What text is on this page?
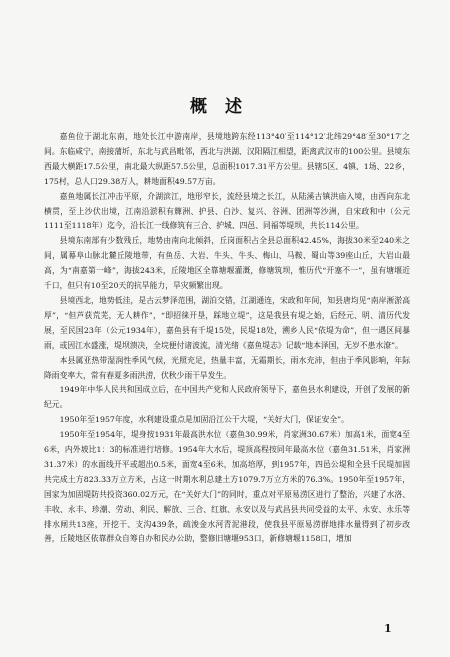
概述

嘉鱼位于湖北东南，地处长江中游南岸，县境地跨东经113°40′至114°12′北纬29°48′至30°17′之间。东临咸宁，南接蒲圻，东北与武昌毗邻，西北与洪湖、汉阳隔江相望，距离武汉市的100公里。县境东西最大横距17.5公里，南北最大纵距57.5公里，总面积1017.31平方公里。县辖5区、4镇、1场、22乡，175村，总人口29.38万人，耕地面积49.57万亩。

嘉鱼地属长江冲击平原，介湖滨江，地形窄长，流经县境之长江，从陆溪古镇洪庙入境，由西向东北横贯，至上沙伏出境，江南沿淤积有簰洲、护县、白沙、复兴、谷洲、团洲等沙洲，自宋政和中（公元1111至1118年）迄今，沿长江一线修筑有三合、护城、四邑、同福等堤坝，共长114公里。

县境东南部有少数残丘，地势由南向北倾斜，丘岗面积占全县总面积42.45%，海拔30米至240米之间，属幕阜山脉北麓丘陵地带，有鱼岳、大岩、牛头、牛头、梅山、马鞍、蜀山等39座山丘，大岩山最高，为“南嘉第一峰”，海拔243米，丘陵地区全靠塘堰灌溉，修塘筑坝，惟历代“开塞不一”，虽有塘堰近千口，但只有10至20天的抗旱能力，旱灾频繁出现。

县境西北，地势低洼，是古云梦泽范围，湖泊交错，江湖通连，宋政和年间，知县唐均见“南岸淅淤高厚”，“但芦获荒芜，无人耕作”，“即招徕开垦，踩地立堤”，这是我县有堤之始，后经元、明、清历代发展，至民国23年（公元1934年），嘉鱼县有千堤15处，民堤18处，溯乡人民“依堤为命”，但一遇区间暴雨，或因江水盛涨，堤坝溃决，全垸便付诸波流，清光绪《嘉鱼堤志》记载“地本泽国，无岁不患水潦”。

本县属亚热带湿润性季风气候，光照充足，热量丰富，无霜期长，雨水充沛，但由于季风影响，年际降雨变率大，常有春夏多雨洪涝，伏秋少雨干旱发生。

1949年中华人民共和国成立后，在中国共产党和人民政府领导下，嘉鱼县水利建设，开创了发展的新纪元。

1950年至1957年度，水利建设重点是加固沿江公干大堤，“关好大门，保证安全”。

1950年至1954年，堤身按1931年最高洪水位（嘉鱼30.99米，肖家洲30.67米）加高1米，面宽4至6米，内外坡比1：3的标准进行培修。1954年大水后，堤顶高程按同年最高水位（嘉鱼31.51米，肖家洲31.37米）的水面线开平或超出0.5米，面宽4至6米，加高培厚，到1957年，四邑公堤和全县千民堤加固共完成土方823.33万立方米，占这一时期水利总建土方1079.7万立方米的76.3%。1950年至1957年，国家为加固堤防共投资360.02万元，在“关好大门”的同时，重点对平原易涝区进行了整治，兴建了水洛、丰收、永丰、珍潮、劳动、利民、解放、三合、红旗、永安以及与武昌县共同受益的太平、永安、永乐等排水闸共13座，开挖干、支沟439条，疏浚金水河青泥港段，使我县平原易涝群地排水量得到了初步改善，丘陵地区依靠群众自筹自办和民办公助，整修旧塘堰953口，新修塘堰1158口，增加

1
